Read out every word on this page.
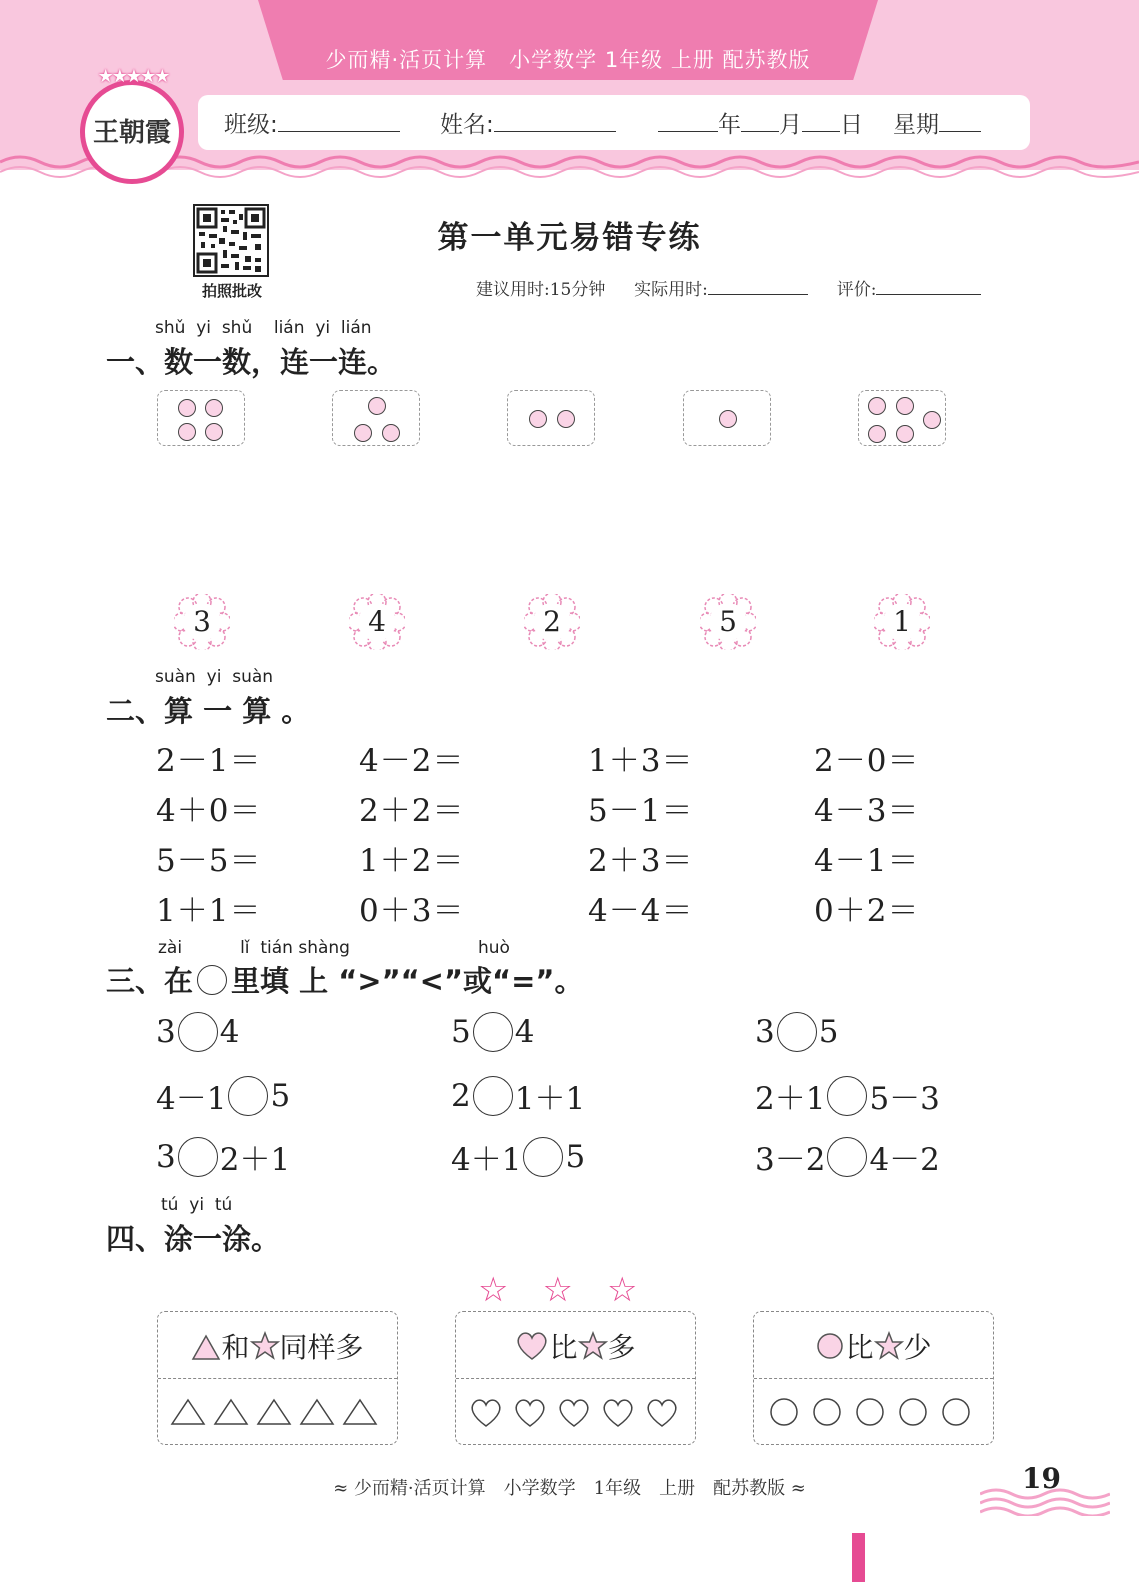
少而精·活页计算　小学数学 1年级 上册 配苏教版
班级:	姓名:	年 月 日 星期
★★★★★
王朝霞
拍照批改
第一单元易错专练
建议用时:15分钟 实际用时:	评价:
shǔ yi shǔ lián yi lián
一、数一数，连一连。
3	4	2	5	1
suàn yi suàn
二、算 一 算 。
2－1＝	4－2＝	1＋3＝	2－0＝
4＋0＝	2＋2＝	5－1＝	4－3＝
5－5＝	1＋2＝	2＋3＝	4－1＝
1＋1＝	0＋3＝	4－4＝	0＋2＝
zài	lǐ tián shàng	huò
三、在 里填 上 “>”“<”或“=”。
3 4	5 4	3 5
4－1 5	2 1＋1	2＋1 5－3
3 2＋1	4＋1 5	3－2 4－2
tú yi tú
四、涂一涂。
☆　☆　☆
和 同样多	比 多	比 少
≈ 少而精·活页计算　小学数学　1年级　上册　配苏教版 ≈	19
